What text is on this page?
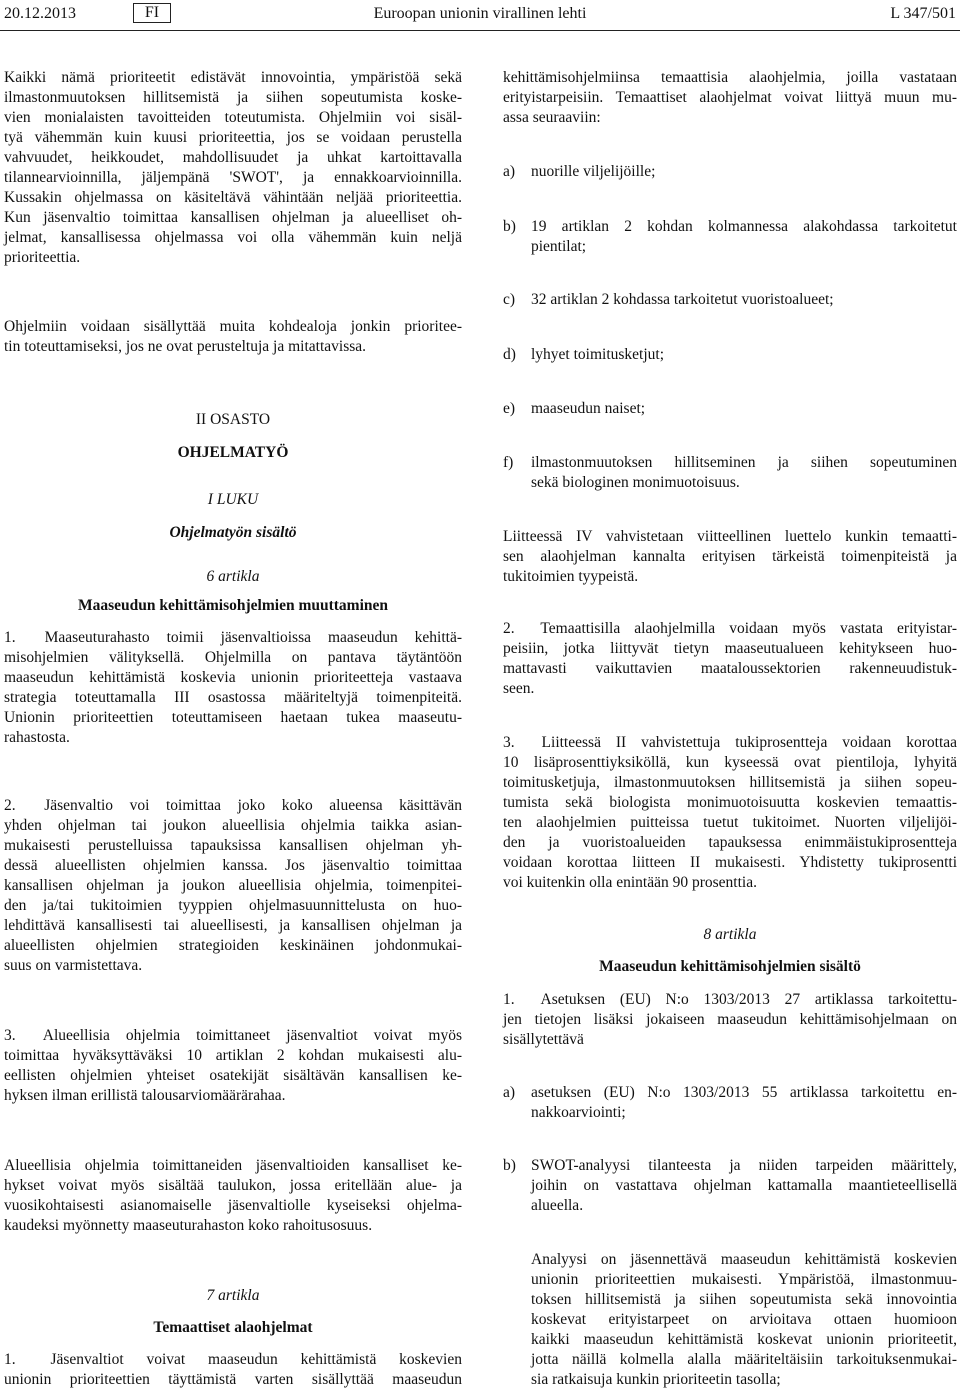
20.12.2013	FI	Euroopan unionin virallinen lehti	L 347/501
Kaikki nämä prioriteetit edistävät innovointia, ympäristöä sekä
ilmastonmuutoksen hillitsemistä ja siihen sopeutumista koske-
vien monialaisten tavoitteiden toteutumista. Ohjelmiin voi sisäl-
tyä vähemmän kuin kuusi prioriteettia, jos se voidaan perustella
vahvuudet, heikkoudet, mahdollisuudet ja uhkat kartoittavalla
tilannearvioinnilla, jäljempänä 'SWOT', ja ennakkoarvioinnilla.
Kussakin ohjelmassa on käsiteltävä vähintään neljää prioriteettia.
Kun jäsenvaltio toimittaa kansallisen ohjelman ja alueelliset oh-
jelmat, kansallisessa ohjelmassa voi olla vähemmän kuin neljä
prioriteettia.
Ohjelmiin voidaan sisällyttää muita kohdealoja jonkin prioritee-
tin toteuttamiseksi, jos ne ovat perusteltuja ja mitattavissa.
II OSASTO
OHJELMATYÖ
I LUKU
Ohjelmatyön sisältö
6 artikla
Maaseudun kehittämisohjelmien muuttaminen
1. Maaseuturahasto toimii jäsenvaltioissa maaseudun kehittä-
misohjelmien välityksellä. Ohjelmilla on pantava täytäntöön
maaseudun kehittämistä koskevia unionin prioriteetteja vastaava
strategia toteuttamalla III osastossa määriteltyjä toimenpiteitä.
Unionin prioriteettien toteuttamiseen haetaan tukea maaseutu-
rahastosta.
2. Jäsenvaltio voi toimittaa joko koko alueensa käsittävän
yhden ohjelman tai joukon alueellisia ohjelmia taikka asian-
mukaisesti perustelluissa tapauksissa kansallisen ohjelman yh-
dessä alueellisten ohjelmien kanssa. Jos jäsenvaltio toimittaa
kansallisen ohjelman ja joukon alueellisia ohjelmia, toimenpitei-
den ja/tai tukitoimien tyyppien ohjelmasuunnittelusta on huo-
lehdittävä kansallisesti tai alueellisesti, ja kansallisen ohjelman ja
alueellisten ohjelmien strategioiden keskinäinen johdonmukai-
suus on varmistettava.
3. Alueellisia ohjelmia toimittaneet jäsenvaltiot voivat myös
toimittaa hyväksyttäväksi 10 artiklan 2 kohdan mukaisesti alu-
eellisten ohjelmien yhteiset osatekijät sisältävän kansallisen ke-
hyksen ilman erillistä talousarviomäärärahaa.
Alueellisia ohjelmia toimittaneiden jäsenvaltioiden kansalliset ke-
hykset voivat myös sisältää taulukon, jossa eritellään alue- ja
vuosikohtaisesti asianomaiselle jäsenvaltiolle kyseiseksi ohjelma-
kaudeksi myönnetty maaseuturahaston koko rahoitusosuus.
7 artikla
Temaattiset alaohjelmat
1. Jäsenvaltiot voivat maaseudun kehittämistä koskevien
unionin prioriteettien täyttämistä varten sisällyttää maaseudun
kehittämisohjelmiinsa temaattisia alaohjelmia, joilla vastataan
erityistarpeisiin. Temaattiset alaohjelmat voivat liittyä muun mu-
assa seuraaviin:
a)	nuorille viljelijöille;
b) 19 artiklan 2 kohdan kolmannessa alakohdassa tarkoitetut
pientilat;
c)	32 artiklan 2 kohdassa tarkoitetut vuoristoalueet;
d) lyhyet toimitusketjut;
e)	maaseudun naiset;
f)	ilmastonmuutoksen hillitseminen ja siihen sopeutuminen
sekä biologinen monimuotoisuus.
Liitteessä IV vahvistetaan viitteellinen luettelo kunkin temaatti-
sen alaohjelman kannalta erityisen tärkeistä toimenpiteistä ja
tukitoimien tyypeistä.
2. Temaattisilla alaohjelmilla voidaan myös vastata erityistar-
peisiin, jotka liittyvät tietyn maaseutualueen kehitykseen huo-
mattavasti vaikuttavien maataloussektorien rakenneuudistuk-
seen.
3. Liitteessä II vahvistettuja tukiprosentteja voidaan korottaa
10 lisäprosenttiyksiköllä, kun kyseessä ovat pientiloja, lyhyitä
toimitusketjuja, ilmastonmuutoksen hillitsemistä ja siihen sopeu-
tumista sekä biologista monimuotoisuutta koskevien temaattis-
ten alaohjelmien puitteissa tuetut tukitoimet. Nuorten viljelijöi-
den ja vuoristoalueiden tapauksessa enimmäistukiprosentteja
voidaan korottaa liitteen II mukaisesti. Yhdistetty tukiprosentti
voi kuitenkin olla enintään 90 prosenttia.
8 artikla
Maaseudun kehittämisohjelmien sisältö
1. Asetuksen (EU) N:o 1303/2013 27 artiklassa tarkoitettu-
jen tietojen lisäksi jokaiseen maaseudun kehittämisohjelmaan on
sisällytettävä
a)	asetuksen (EU) N:o 1303/2013 55 artiklassa tarkoitettu en-
nakkoarviointi;
b) SWOT-analyysi tilanteesta ja niiden tarpeiden määrittely,
joihin on vastattava ohjelman kattamalla maantieteellisellä
alueella.
Analyysi on jäsennettävä maaseudun kehittämistä koskevien
unionin prioriteettien mukaisesti. Ympäristöä, ilmastonmuu-
toksen hillitsemistä ja siihen sopeutumista sekä innovointia
koskevat erityistarpeet on arvioitava ottaen huomioon
kaikki maaseudun kehittämistä koskevat unionin prioriteetit,
jotta näillä kolmella alalla määriteltäisiin tarkoituksenmukai-
sia ratkaisuja kunkin prioriteetin tasolla;
